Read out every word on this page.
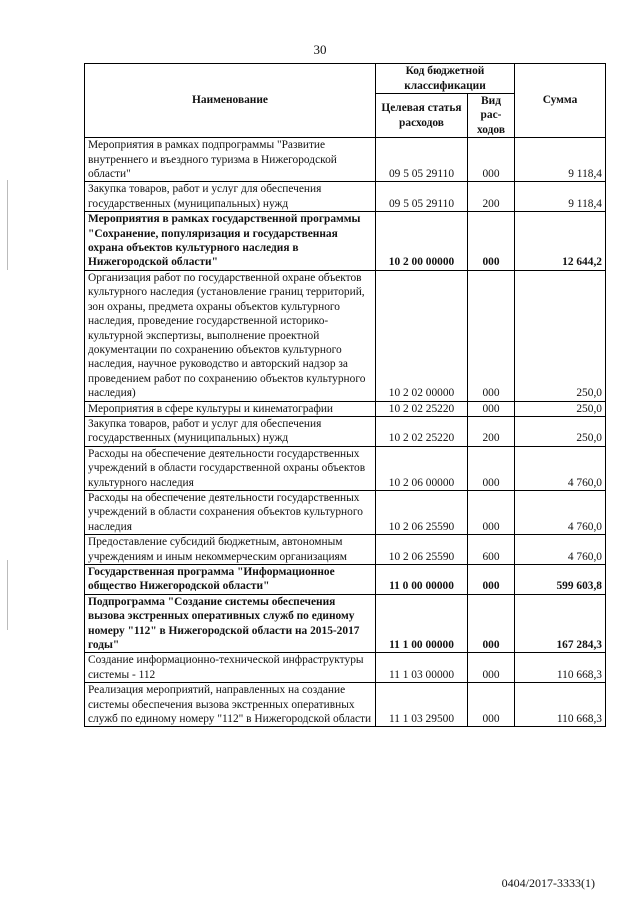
30
Наименование	Код бюджетной классификации		Сумма
	Целевая статья расходов	Вид рас-ходов	
Мероприятия в рамках подпрограммы "Развитие внутреннего и въездного туризма в Нижегородской области"	09 5 05 29110	000	9 118,4
Закупка товаров, работ и услуг для обеспечения государственных (муниципальных) нужд	09 5 05 29110	200	9 118,4
Мероприятия в рамках государственной программы "Сохранение, популяризация и государственная охрана объектов культурного наследия в Нижегородской области"	10 2 00 00000	000	12 644,2
Организация работ по государственной охране объектов культурного наследия (установление границ территорий, зон охраны, предмета охраны объектов культурного наследия, проведение государственной историко-культурной экспертизы, выполнение проектной документации по сохранению объектов культурного наследия, научное руководство и авторский надзор за проведением работ по сохранению объектов культурного наследия)	10 2 02 00000	000	250,0
Мероприятия в сфере культуры и кинематографии	10 2 02 25220	000	250,0
Закупка товаров, работ и услуг для обеспечения государственных (муниципальных) нужд	10 2 02 25220	200	250,0
Расходы на обеспечение деятельности государственных учреждений в области государственной охраны объектов культурного наследия	10 2 06 00000	000	4 760,0
Расходы на обеспечение деятельности государственных учреждений в области сохранения объектов культурного наследия	10 2 06 25590	000	4 760,0
Предоставление субсидий бюджетным, автономным учреждениям и иным некоммерческим организациям	10 2 06 25590	600	4 760,0
Государственная программа "Информационное общество Нижегородской области"	11 0 00 00000	000	599 603,8
Подпрограмма "Создание системы обеспечения вызова экстренных оперативных служб по единому номеру "112" в Нижегородской области на 2015-2017 годы"	11 1 00 00000	000	167 284,3
Создание информационно-технической инфраструктуры системы - 112	11 1 03 00000	000	110 668,3
Реализация мероприятий, направленных на создание системы обеспечения вызова экстренных оперативных служб по единому номеру "112" в Нижегородской области	11 1 03 29500	000	110 668,3
0404/2017-3333(1)
